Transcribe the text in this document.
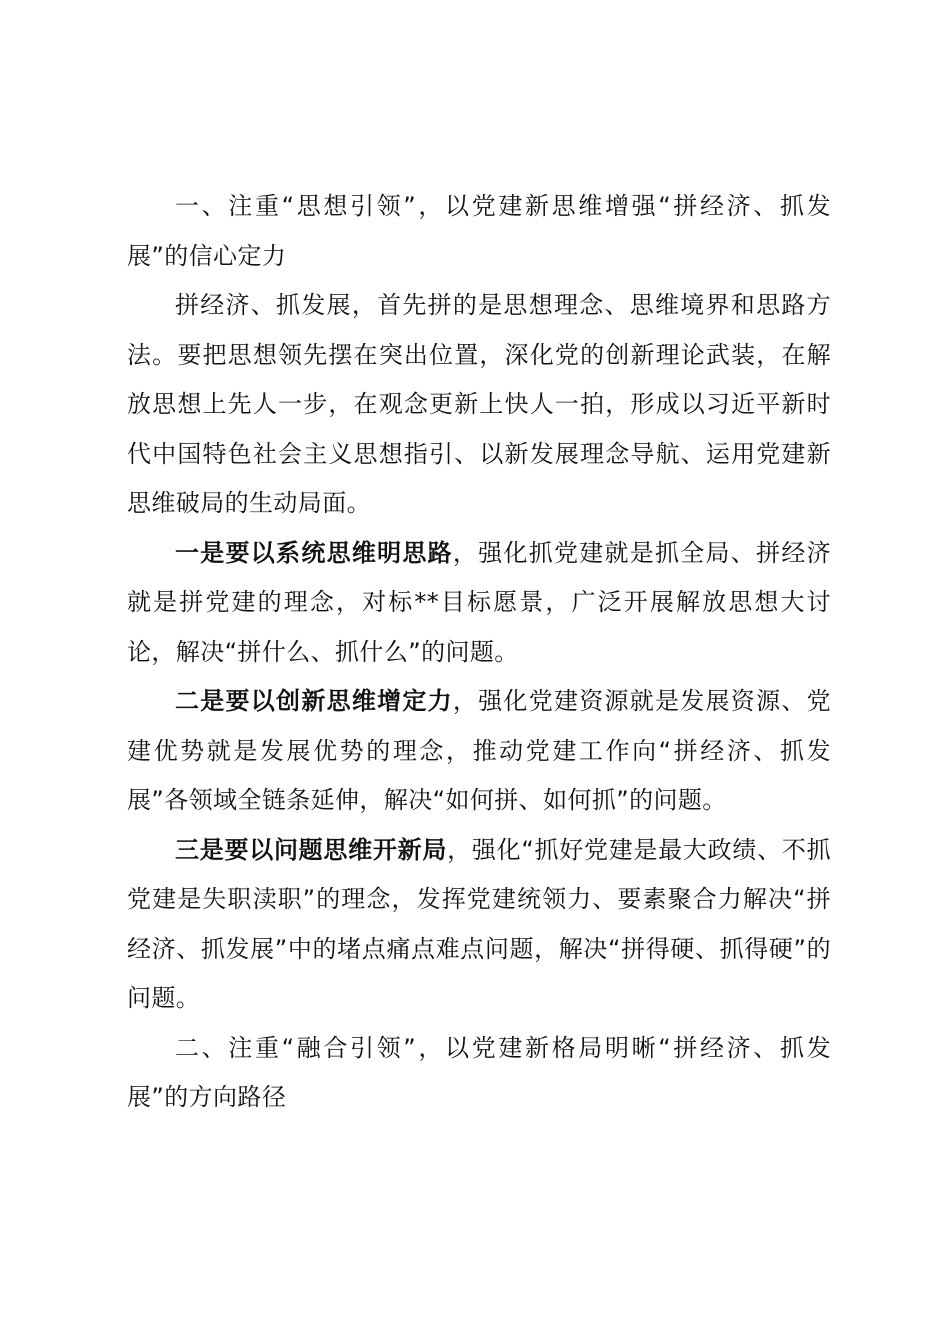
一、注重“思想引领”，以党建新思维增强“拼经济、抓发展”的信心定力

拼经济、抓发展，首先拼的是思想理念、思维境界和思路方法。要把思想领先摆在突出位置，深化党的创新理论武装，在解放思想上先人一步，在观念更新上快人一拍，形成以习近平新时代中国特色社会主义思想指引、以新发展理念导航、运用党建新思维破局的生动局面。

一是要以系统思维明思路，强化抓党建就是抓全局、拼经济就是拼党建的理念，对标**目标愿景，广泛开展解放思想大讨论，解决“拼什么、抓什么”的问题。

二是要以创新思维增定力，强化党建资源就是发展资源、党建优势就是发展优势的理念，推动党建工作向“拼经济、抓发展”各领域全链条延伸，解决“如何拼、如何抓”的问题。

三是要以问题思维开新局，强化“抓好党建是最大政绩、不抓党建是失职渎职”的理念，发挥党建统领力、要素聚合力解决“拼经济、抓发展”中的堵点痛点难点问题，解决“拼得硬、抓得硬”的问题。

二、注重“融合引领”，以党建新格局明晰“拼经济、抓发展”的方向路径
